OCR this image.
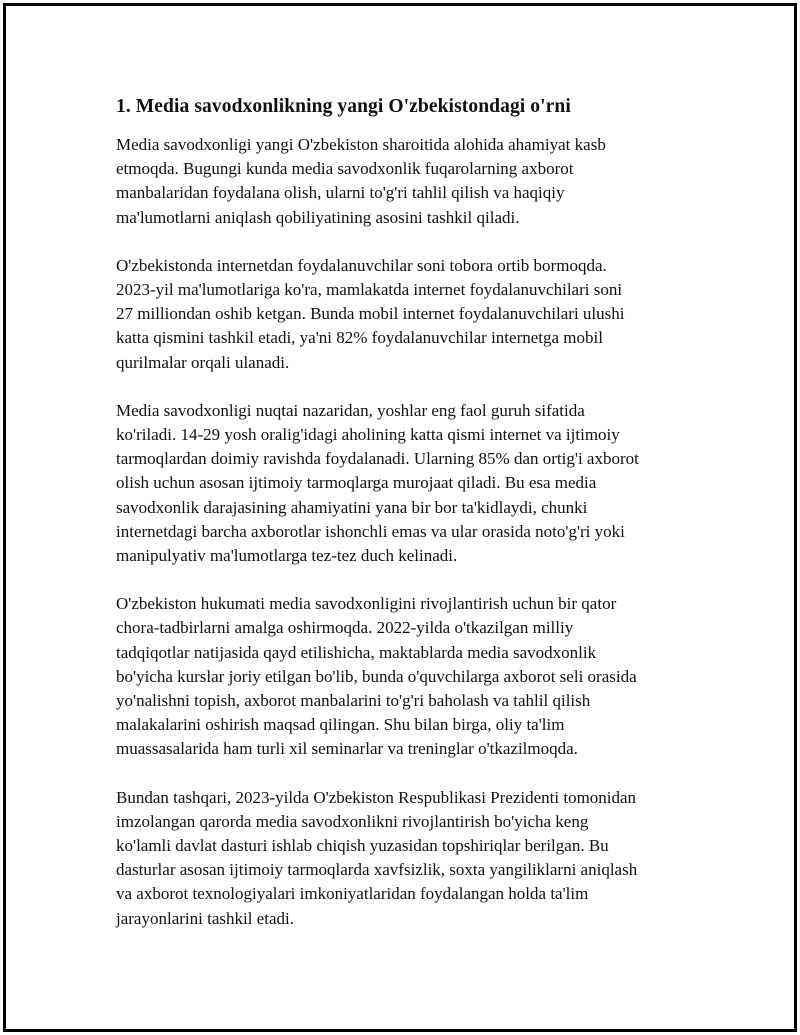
1. Media savodxonlikning yangi O'zbekistondagi o'rni

Media savodxonligi yangi O'zbekiston sharoitida alohida ahamiyat kasb
etmoqda. Bugungi kunda media savodxonlik fuqarolarning axborot
manbalaridan foydalana olish, ularni to'g'ri tahlil qilish va haqiqiy
ma'lumotlarni aniqlash qobiliyatining asosini tashkil qiladi.

O'zbekistonda internetdan foydalanuvchilar soni tobora ortib bormoqda.
2023-yil ma'lumotlariga ko'ra, mamlakatda internet foydalanuvchilari soni
27 milliondan oshib ketgan. Bunda mobil internet foydalanuvchilari ulushi
katta qismini tashkil etadi, ya'ni 82% foydalanuvchilar internetga mobil
qurilmalar orqali ulanadi.

Media savodxonligi nuqtai nazaridan, yoshlar eng faol guruh sifatida
ko'riladi. 14-29 yosh oralig'idagi aholining katta qismi internet va ijtimoiy
tarmoqlardan doimiy ravishda foydalanadi. Ularning 85% dan ortig'i axborot
olish uchun asosan ijtimoiy tarmoqlarga murojaat qiladi. Bu esa media
savodxonlik darajasining ahamiyatini yana bir bor ta'kidlaydi, chunki
internetdagi barcha axborotlar ishonchli emas va ular orasida noto'g'ri yoki
manipulyativ ma'lumotlarga tez-tez duch kelinadi.

O'zbekiston hukumati media savodxonligini rivojlantirish uchun bir qator
chora-tadbirlarni amalga oshirmoqda. 2022-yilda o'tkazilgan milliy
tadqiqotlar natijasida qayd etilishicha, maktablarda media savodxonlik
bo'yicha kurslar joriy etilgan bo'lib, bunda o'quvchilarga axborot seli orasida
yo'nalishni topish, axborot manbalarini to'g'ri baholash va tahlil qilish
malakalarini oshirish maqsad qilingan. Shu bilan birga, oliy ta'lim
muassasalarida ham turli xil seminarlar va treninglar o'tkazilmoqda.

Bundan tashqari, 2023-yilda O'zbekiston Respublikasi Prezidenti tomonidan
imzolangan qarorda media savodxonlikni rivojlantirish bo'yicha keng
ko'lamli davlat dasturi ishlab chiqish yuzasidan topshiriqlar berilgan. Bu
dasturlar asosan ijtimoiy tarmoqlarda xavfsizlik, soxta yangiliklarni aniqlash
va axborot texnologiyalari imkoniyatlaridan foydalangan holda ta'lim
jarayonlarini tashkil etadi.
